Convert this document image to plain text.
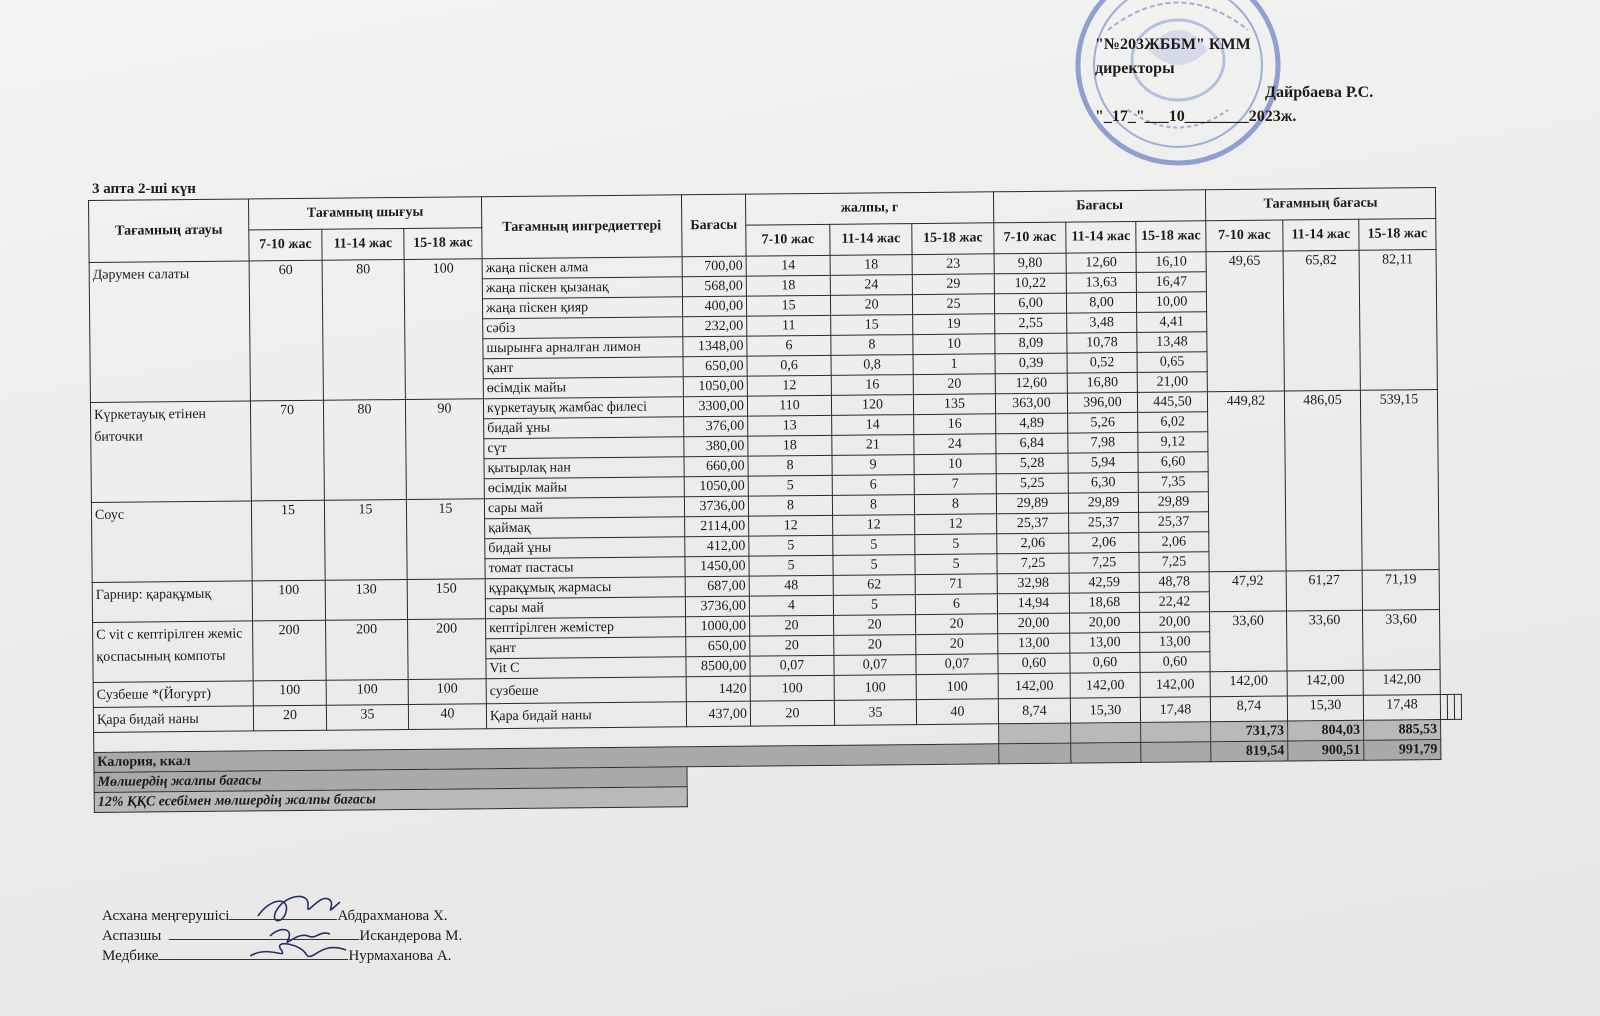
"№203ЖББМ" КММ
директоры
Дайрбаева Р.С.
"_17_"___10________2023ж.
3 апта 2-ші күн
Тағамның атауы	Тағамның шығуы			Тағамның ингредиеттері	Бағасы	жалпы, г			Бағасы			Тағамның бағасы					
	7-10 жас	11-14 жас	15-18 жас			7-10 жас	11-14 жас	15-18 жас	7-10 жас	11-14 жас	15-18 жас	7-10 жас	11-14 жас	15-18 жас			
Дәрумен салаты	60	80	100	жаңа піскен алма	700,00	14	18	23	9,80	12,60	16,10	49,65	65,82	82,11			
				жаңа піскен қызанақ	568,00	18	24	29	10,22	13,63	16,47						
				жаңа піскен қияр	400,00	15	20	25	6,00	8,00	10,00						
				сәбіз	232,00	11	15	19	2,55	3,48	4,41						
				шырынға арналған лимон	1348,00	6	8	10	8,09	10,78	13,48						
				қант	650,00	0,6	0,8	1	0,39	0,52	0,65						
				өсімдік майы	1050,00	12	16	20	12,60	16,80	21,00						
Күркетауық етінен биточки	70	80	90	күркетауық жамбас филесі	3300,00	110	120	135	363,00	396,00	445,50	449,82	486,05	539,15			
				бидай ұны	376,00	13	14	16	4,89	5,26	6,02						
				сүт	380,00	18	21	24	6,84	7,98	9,12						
				қытырлақ нан	660,00	8	9	10	5,28	5,94	6,60						
				өсімдік майы	1050,00	5	6	7	5,25	6,30	7,35						
Соус	15	15	15	сары май	3736,00	8	8	8	29,89	29,89	29,89						
				қаймақ	2114,00	12	12	12	25,37	25,37	25,37						
				бидай ұны	412,00	5	5	5	2,06	2,06	2,06						
				томат пастасы	1450,00	5	5	5	7,25	7,25	7,25						
Гарнир: қарақұмық	100	130	150	құрақұмық жармасы	687,00	48	62	71	32,98	42,59	48,78	47,92	61,27	71,19			
				сары май	3736,00	4	5	6	14,94	18,68	22,42						
C vit с кептірілген жеміс қоспасының компоты	200	200	200	кептірілген жемістер	1000,00	20	20	20	20,00	20,00	20,00	33,60	33,60	33,60			
				қант	650,00	20	20	20	13,00	13,00	13,00						
				Vit C	8500,00	0,07	0,07	0,07	0,60	0,60	0,60						
Сузбеше *(Йогурт)	100	100	100	сузбеше	1420	100	100	100	142,00	142,00	142,00	142,00	142,00	142,00			
Қара бидай наны	20	35	40	Қара бидай наны	437,00	20	35	40	8,74	15,30	17,48	8,74	15,30	17,48			
												731,73	804,03	885,53			
Калория, ккал												819,54	900,51	991,79			
Мөлшердің жалпы бағасы																	
12% ҚҚС есебімен мөлшердің жалпы бағасы																	
Асхана меңгерушісі	Абдрахманова Х.
Аспазшы	Искандерова М.
Медбике	Нурмаханова А.
